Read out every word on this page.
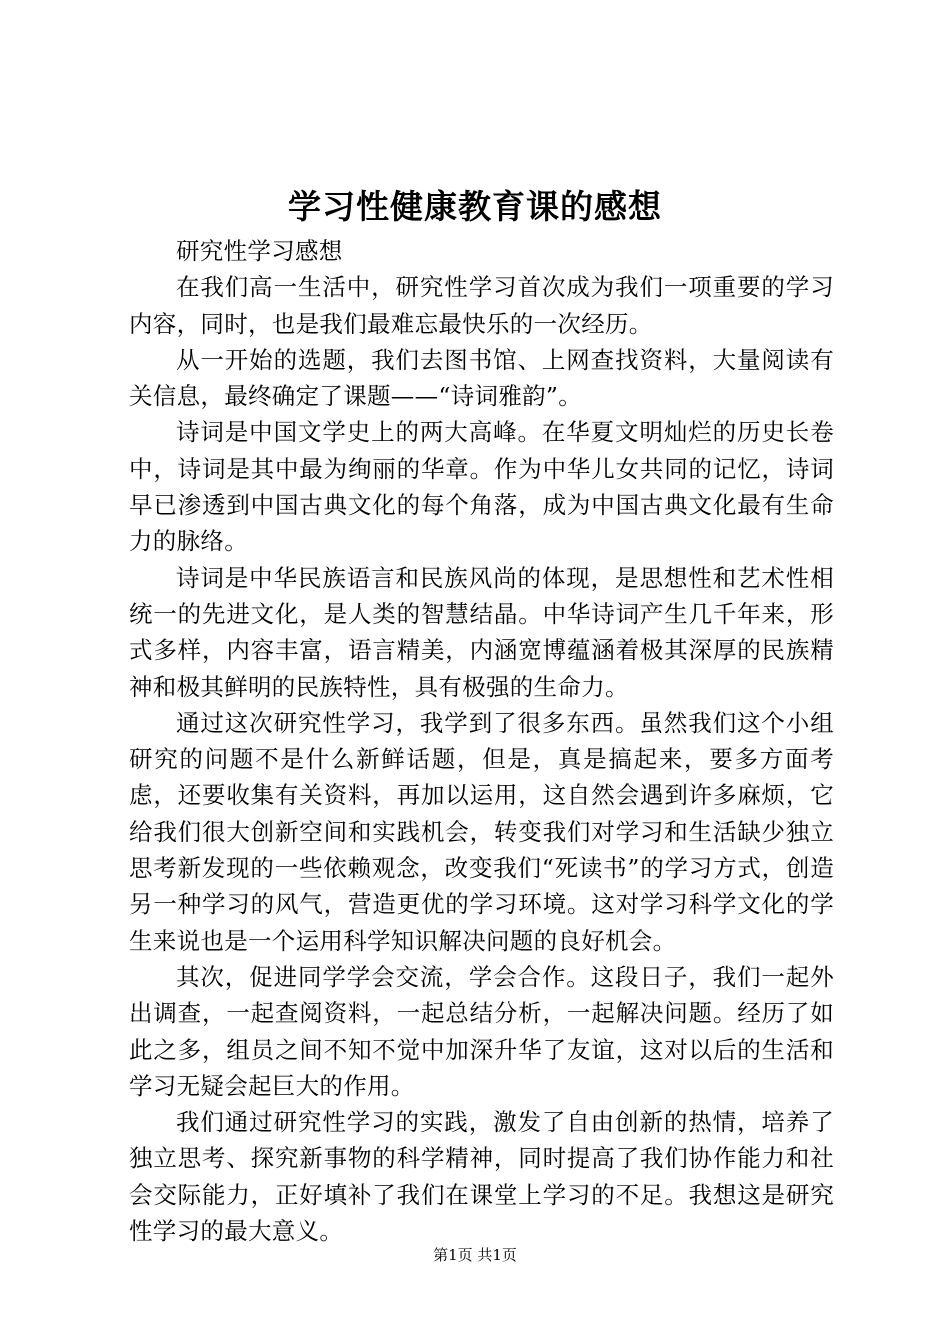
学习性健康教育课的感想

研究性学习感想

在我们高一生活中，研究性学习首次成为我们一项重要的学习内容，同时，也是我们最难忘最快乐的一次经历。

从一开始的选题，我们去图书馆、上网查找资料，大量阅读有关信息，最终确定了课题——“诗词雅韵”。

诗词是中国文学史上的两大高峰。在华夏文明灿烂的历史长卷中，诗词是其中最为绚丽的华章。作为中华儿女共同的记忆，诗词早已渗透到中国古典文化的每个角落，成为中国古典文化最有生命力的脉络。

诗词是中华民族语言和民族风尚的体现，是思想性和艺术性相统一的先进文化，是人类的智慧结晶。中华诗词产生几千年来，形式多样，内容丰富，语言精美，内涵宽博蕴涵着极其深厚的民族精神和极其鲜明的民族特性，具有极强的生命力。

通过这次研究性学习，我学到了很多东西。虽然我们这个小组研究的问题不是什么新鲜话题，但是，真是搞起来，要多方面考虑，还要收集有关资料，再加以运用，这自然会遇到许多麻烦，它给我们很大创新空间和实践机会，转变我们对学习和生活缺少独立思考新发现的一些依赖观念，改变我们“死读书”的学习方式，创造另一种学习的风气，营造更优的学习环境。这对学习科学文化的学生来说也是一个运用科学知识解决问题的良好机会。

其次，促进同学学会交流，学会合作。这段日子，我们一起外出调查，一起查阅资料，一起总结分析，一起解决问题。经历了如此之多，组员之间不知不觉中加深升华了友谊，这对以后的生活和学习无疑会起巨大的作用。

我们通过研究性学习的实践，激发了自由创新的热情，培养了独立思考、探究新事物的科学精神，同时提高了我们协作能力和社会交际能力，正好填补了我们在课堂上学习的不足。我想这是研究性学习的最大意义。

第1页 共1页
